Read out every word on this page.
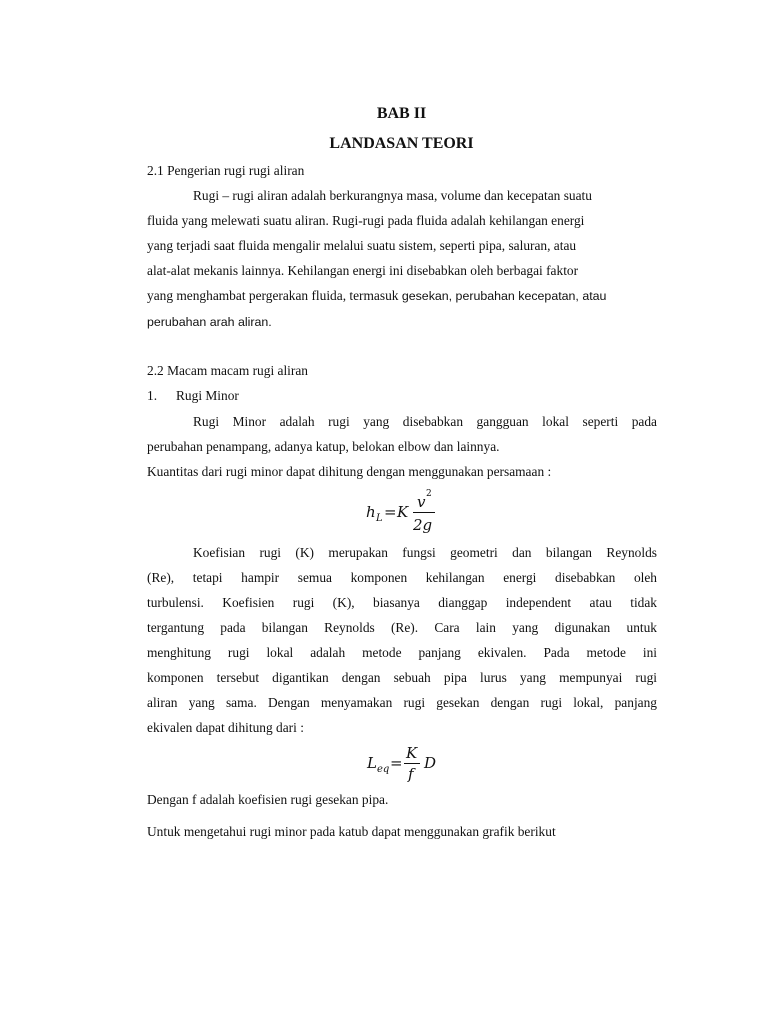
BAB II
LANDASAN TEORI
2.1 Pengerian rugi rugi aliran
Rugi – rugi aliran adalah berkurangnya masa, volume dan kecepatan suatu
fluida yang melewati suatu aliran. Rugi-rugi pada fluida adalah kehilangan energi
yang terjadi saat fluida mengalir melalui suatu sistem, seperti pipa, saluran, atau
alat-alat mekanis lainnya. Kehilangan energi ini disebabkan oleh berbagai faktor
yang menghambat pergerakan fluida, termasuk gesekan, perubahan kecepatan, atau
perubahan arah aliran.
2.2 Macam macam rugi aliran
1. Rugi Minor
Rugi Minor adalah rugi yang disebabkan gangguan lokal seperti pada
perubahan penampang, adanya katup, belokan elbow dan lainnya.
Kuantitas dari rugi minor dapat dihitung dengan menggunakan persamaan :
h L = K
v 2
2g
Koefisian rugi (K) merupakan fungsi geometri dan bilangan Reynolds
(Re), tetapi hampir semua komponen kehilangan energi disebabkan oleh
turbulensi. Koefisien rugi (K), biasanya dianggap independent atau tidak
tergantung pada bilangan Reynolds (Re). Cara lain yang digunakan untuk
menghitung rugi lokal adalah metode panjang ekivalen. Pada metode ini
komponen tersebut digantikan dengan sebuah pipa lurus yang mempunyai rugi
aliran yang sama. Dengan menyamakan rugi gesekan dengan rugi lokal, panjang
ekivalen dapat dihitung dari :
L eq =
K
f
D
Dengan f adalah koefisien rugi gesekan pipa.
Untuk mengetahui rugi minor pada katub dapat menggunakan grafik berikut
